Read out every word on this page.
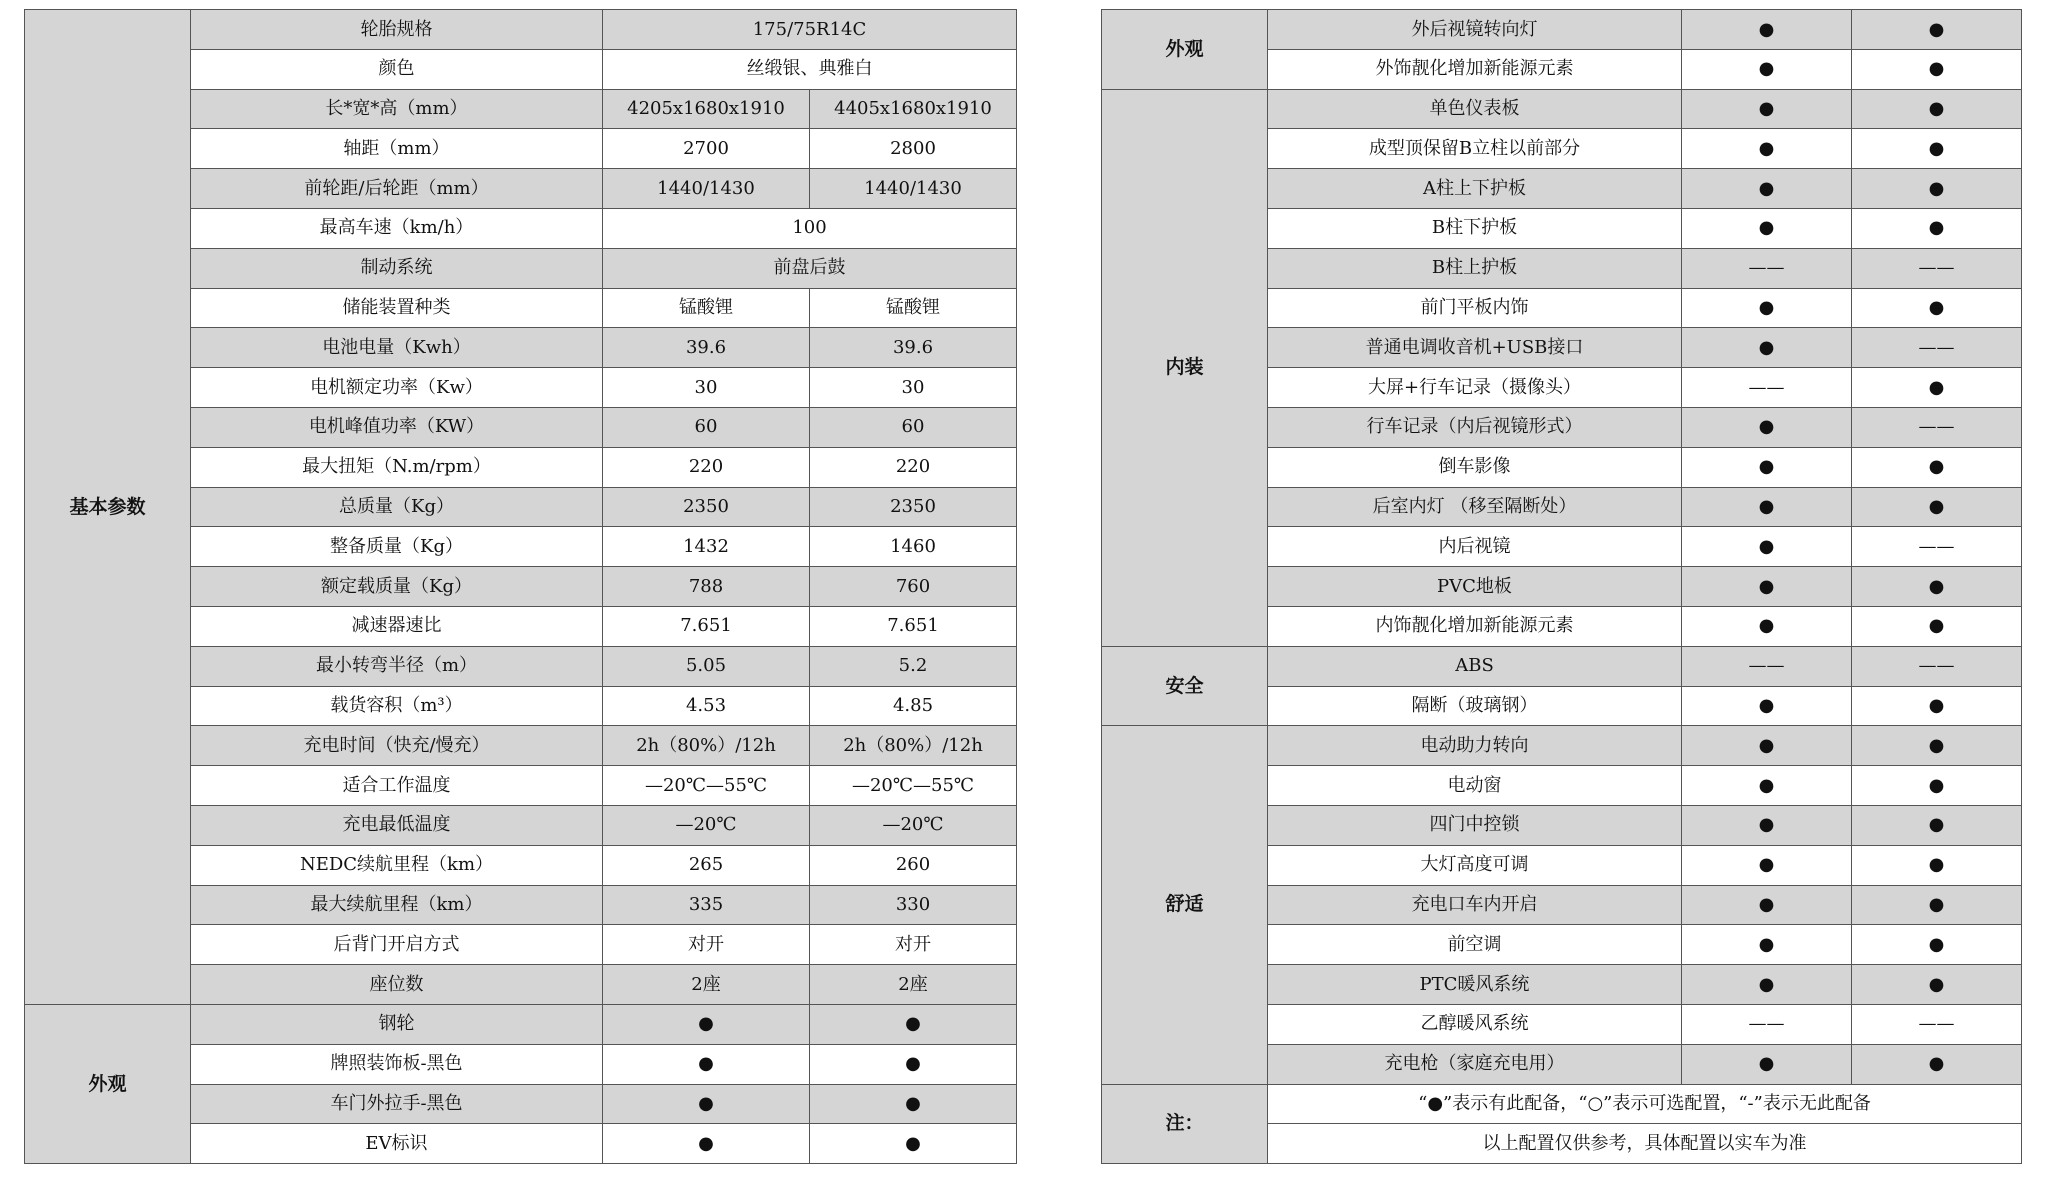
基本参数	轮胎规格	175/75R14C	
	颜色	丝缎银、典雅白	
	长*宽*高（mm）	4205x1680x1910	4405x1680x1910
	轴距（mm）	2700	2800
	前轮距/后轮距（mm）	1440/1430	1440/1430
	最高车速（km/h）	100	
	制动系统	前盘后鼓	
	储能装置种类	锰酸锂	锰酸锂
	电池电量（Kwh）	39.6	39.6
	电机额定功率（Kw）	30	30
	电机峰值功率（KW）	60	60
	最大扭矩（N.m/rpm）	220	220
	总质量（Kg）	2350	2350
	整备质量（Kg）	1432	1460
	额定载质量（Kg）	788	760
	减速器速比	7.651	7.651
	最小转弯半径（m）	5.05	5.2
	载货容积（m³）	4.53	4.85
	充电时间（快充/慢充）	2h（80%）/12h	2h（80%）/12h
	适合工作温度	—20℃—55℃	—20℃—55℃
	充电最低温度	—20℃	—20℃
	NEDC续航里程（km）	265	260
	最大续航里程（km）	335	330
	后背门开启方式	对开	对开
	座位数	2座	2座
外观	钢轮	●	●
	牌照装饰板-黑色	●	●
	车门外拉手-黑色	●	●
	EV标识	●	●
外观	外后视镜转向灯	●	●
	外饰靓化增加新能源元素	●	●
内装	单色仪表板	●	●
	成型顶保留B立柱以前部分	●	●
	A柱上下护板	●	●
	B柱下护板	●	●
	B柱上护板	——	——
	前门平板内饰	●	●
	普通电调收音机+USB接口	●	——
	大屏+行车记录（摄像头）	——	●
	行车记录（内后视镜形式）	●	——
	倒车影像	●	●
	后室内灯 （移至隔断处）	●	●
	内后视镜	●	——
	PVC地板	●	●
	内饰靓化增加新能源元素	●	●
安全	ABS	——	——
	隔断（玻璃钢）	●	●
舒适	电动助力转向	●	●
	电动窗	●	●
	四门中控锁	●	●
	大灯高度可调	●	●
	充电口车内开启	●	●
	前空调	●	●
	PTC暖风系统	●	●
	乙醇暖风系统	——	——
	充电枪（家庭充电用）	●	●
注：	“●”表示有此配备，“○”表示可选配置，“-”表示无此配备		
	以上配置仅供参考，具体配置以实车为准		
